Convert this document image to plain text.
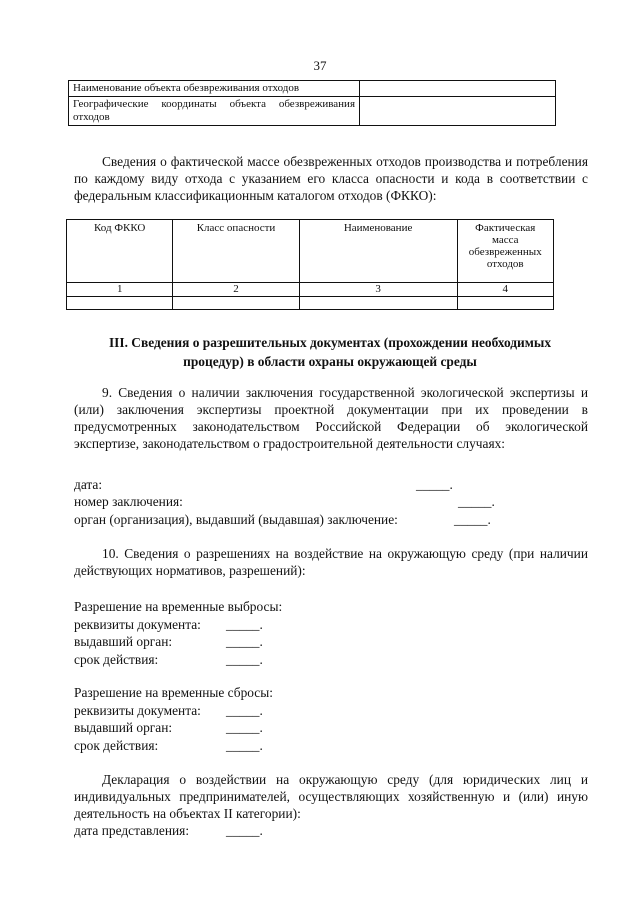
37
Наименование объекта обезвреживания отходов	
Географические координаты объекта обезвреживания отходов	
Сведения о фактической массе обезвреженных отходов производства и потребления по каждому виду отхода с указанием его класса опасности и кода в соответствии с федеральным классификационным каталогом отходов (ФККО):
Код ФККО	Класс опасности	Наименование	Фактическая масса обезвреженных отходов
1	2	3	4

III. Сведения о разрешительных документах (прохождении необходимых процедур) в области охраны окружающей среды
9. Сведения о наличии заключения государственной экологической экспертизы и (или) заключения экспертизы проектной документации при их проведении в предусмотренных законодательством Российской Федерации об экологической экспертизе, законодательством о градостроительной деятельности случаях:
дата:	_____.
номер заключения:	_____.
орган (организация), выдавший (выдавшая) заключение:	_____.
10. Сведения о разрешениях на воздействие на окружающую среду (при наличии действующих нормативов, разрешений):
Разрешение на временные выбросы:
реквизиты документа: _____.
выдавший орган:	_____.
срок действия:	_____.
Разрешение на временные сбросы:
реквизиты документа: _____.
выдавший орган:	_____.
срок действия:	_____.
Декларация о воздействии на окружающую среду (для юридических лиц и индивидуальных предпринимателей, осуществляющих хозяйственную и (или) иную деятельность на объектах II категории):
дата представления:	_____.
